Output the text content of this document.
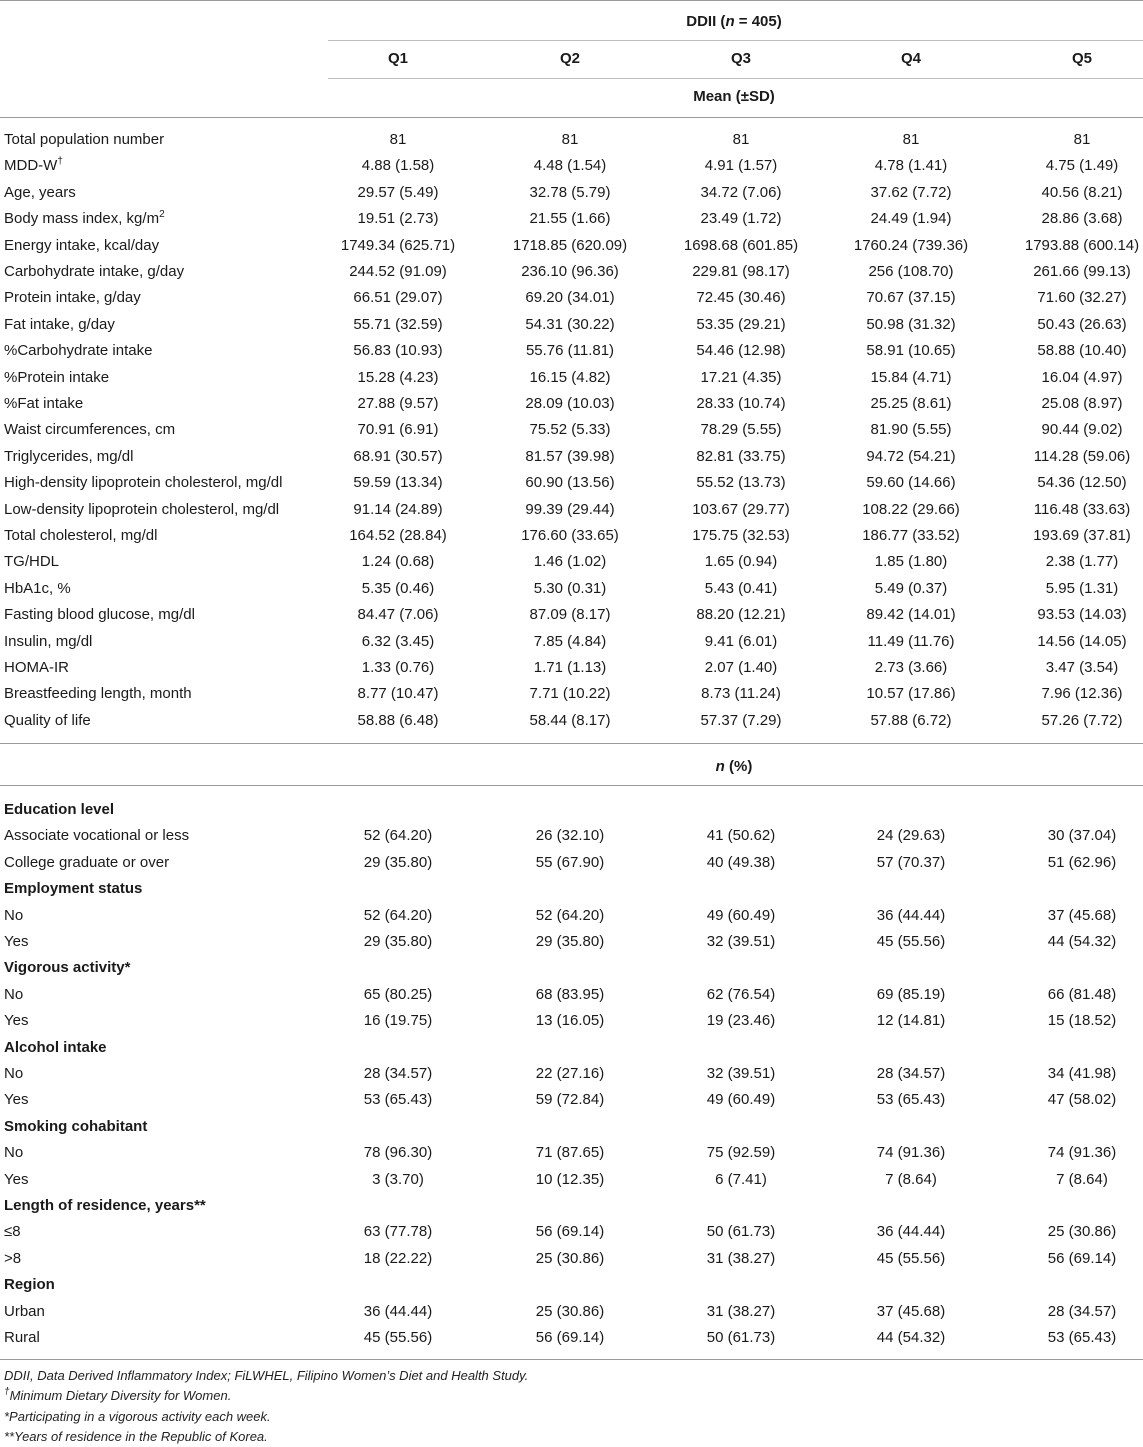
DDII (n = 405)
Q1	Q2	Q3	Q4	Q5
Mean (±SD)
Total population number	81	81	81	81	81
MDD-W†	4.88 (1.58)	4.48 (1.54)	4.91 (1.57)	4.78 (1.41)	4.75 (1.49)
Age, years	29.57 (5.49)	32.78 (5.79)	34.72 (7.06)	37.62 (7.72)	40.56 (8.21)
Body mass index, $kg/m^2$	19.51 (2.73)	21.55 (1.66)	23.49 (1.72)	24.49 (1.94)	28.86 (3.68)
Energy intake, kcal/day	1749.34 (625.71)	1718.85 (620.09)	1698.68 (601.85)	1760.24 (739.36)	1793.88 (600.14)
Carbohydrate intake, g/day	244.52 (91.09)	236.10 (96.36)	229.81 (98.17)	256 (108.70)	261.66 (99.13)
Protein intake, g/day	66.51 (29.07)	69.20 (34.01)	72.45 (30.46)	70.67 (37.15)	71.60 (32.27)
Fat intake, g/day	55.71 (32.59)	54.31 (30.22)	53.35 (29.21)	50.98 (31.32)	50.43 (26.63)
%Carbohydrate intake	56.83 (10.93)	55.76 (11.81)	54.46 (12.98)	58.91 (10.65)	58.88 (10.40)
%Protein intake	15.28 (4.23)	16.15 (4.82)	17.21 (4.35)	15.84 (4.71)	16.04 (4.97)
%Fat intake	27.88 (9.57)	28.09 (10.03)	28.33 (10.74)	25.25 (8.61)	25.08 (8.97)
Waist circumferences, cm	70.91 (6.91)	75.52 (5.33)	78.29 (5.55)	81.90 (5.55)	90.44 (9.02)
Triglycerides, mg/dl	68.91 (30.57)	81.57 (39.98)	82.81 (33.75)	94.72 (54.21)	114.28 (59.06)
High-density lipoprotein cholesterol, mg/dl	59.59 (13.34)	60.90 (13.56)	55.52 (13.73)	59.60 (14.66)	54.36 (12.50)
Low-density lipoprotein cholesterol, mg/dl	91.14 (24.89)	99.39 (29.44)	103.67 (29.77)	108.22 (29.66)	116.48 (33.63)
Total cholesterol, mg/dl	164.52 (28.84)	176.60 (33.65)	175.75 (32.53)	186.77 (33.52)	193.69 (37.81)
TG/HDL	1.24 (0.68)	1.46 (1.02)	1.65 (0.94)	1.85 (1.80)	2.38 (1.77)
HbA1c, %	5.35 (0.46)	5.30 (0.31)	5.43 (0.41)	5.49 (0.37)	5.95 (1.31)
Fasting blood glucose, mg/dl	84.47 (7.06)	87.09 (8.17)	88.20 (12.21)	89.42 (14.01)	93.53 (14.03)
Insulin, mg/dl	6.32 (3.45)	7.85 (4.84)	9.41 (6.01)	11.49 (11.76)	14.56 (14.05)
HOMA-IR	1.33 (0.76)	1.71 (1.13)	2.07 (1.40)	2.73 (3.66)	3.47 (3.54)
Breastfeeding length, month	8.77 (10.47)	7.71 (10.22)	8.73 (11.24)	10.57 (17.86)	7.96 (12.36)
Quality of life	58.88 (6.48)	58.44 (8.17)	57.37 (7.29)	57.88 (6.72)	57.26 (7.72)
n (%)
Education level
Associate vocational or less	52 (64.20)	26 (32.10)	41 (50.62)	24 (29.63)	30 (37.04)
College graduate or over	29 (35.80)	55 (67.90)	40 (49.38)	57 (70.37)	51 (62.96)
Employment status
No	52 (64.20)	52 (64.20)	49 (60.49)	36 (44.44)	37 (45.68)
Yes	29 (35.80)	29 (35.80)	32 (39.51)	45 (55.56)	44 (54.32)
Vigorous activity*
No	65 (80.25)	68 (83.95)	62 (76.54)	69 (85.19)	66 (81.48)
Yes	16 (19.75)	13 (16.05)	19 (23.46)	12 (14.81)	15 (18.52)
Alcohol intake
No	28 (34.57)	22 (27.16)	32 (39.51)	28 (34.57)	34 (41.98)
Yes	53 (65.43)	59 (72.84)	49 (60.49)	53 (65.43)	47 (58.02)
Smoking cohabitant
No	78 (96.30)	71 (87.65)	75 (92.59)	74 (91.36)	74 (91.36)
Yes	3 (3.70)	10 (12.35)	6 (7.41)	7 (8.64)	7 (8.64)
Length of residence, years**
≤8	63 (77.78)	56 (69.14)	50 (61.73)	36 (44.44)	25 (30.86)
>8	18 (22.22)	25 (30.86)	31 (38.27)	45 (55.56)	56 (69.14)
Region
Urban	36 (44.44)	25 (30.86)	31 (38.27)	37 (45.68)	28 (34.57)
Rural	45 (55.56)	56 (69.14)	50 (61.73)	44 (54.32)	53 (65.43)
DDII, Data Derived Inflammatory Index; FiLWHEL, Filipino Women’s Diet and Health Study.
†Minimum Dietary Diversity for Women.
*Participating in a vigorous activity each week.
**Years of residence in the Republic of Korea.
